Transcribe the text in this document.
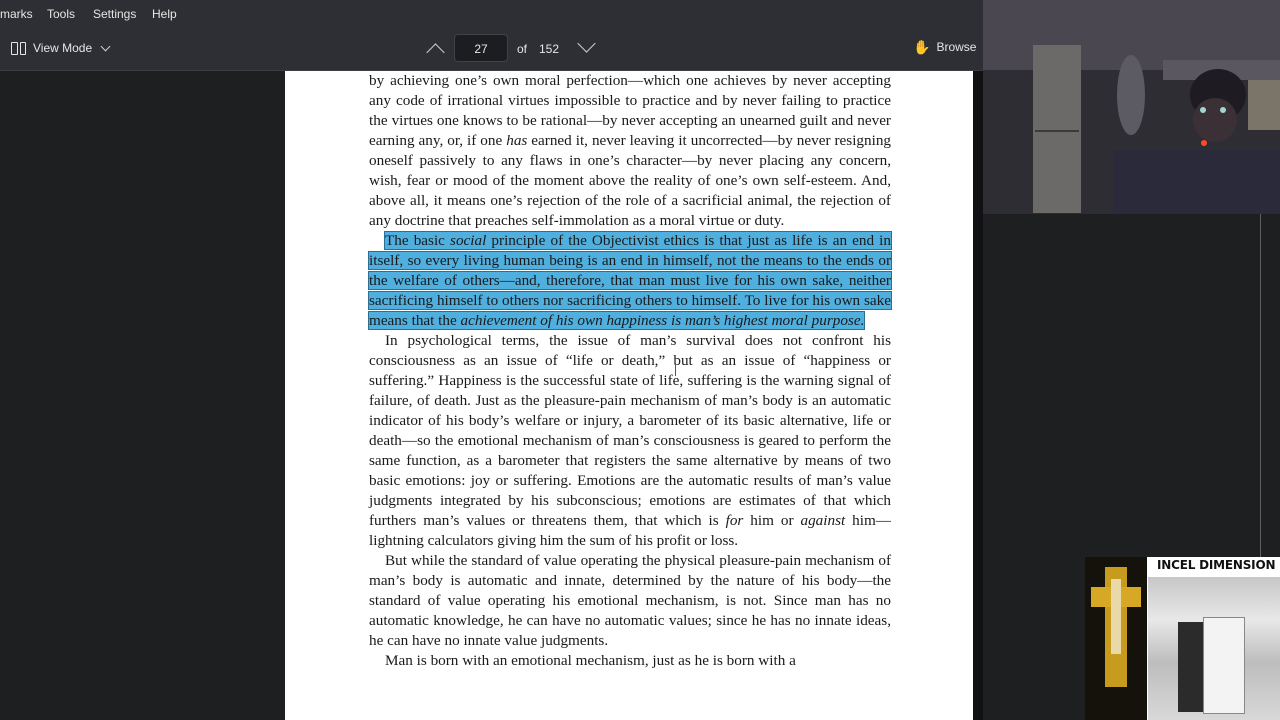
marks Tools Settings Help
View Mode	27	of 152	✋ Browse

by achieving one’s own moral perfection—which one achieves by never accepting any code of irrational virtues impossible to practice and by never failing to practice the virtues one knows to be rational—by never accepting an unearned guilt and never earning any, or, if one has earned it, never leaving it uncorrected—by never resigning oneself passively to any flaws in one’s character—by never placing any concern, wish, fear or mood of the moment above the reality of one’s own self-esteem. And, above all, it means one’s rejection of the role of a sacrificial animal, the rejection of any doctrine that preaches self-immolation as a moral virtue or duty.

The basic social principle of the Objectivist ethics is that just as life is an end in itself, so every living human being is an end in himself, not the means to the ends or the welfare of others—and, therefore, that man must live for his own sake, neither sacrificing himself to others nor sacrificing others to himself. To live for his own sake means that the achievement of his own happiness is man’s highest moral purpose.

In psychological terms, the issue of man’s survival does not confront his consciousness as an issue of “life or death,” but as an issue of “happiness or suffering.” Happiness is the successful state of life, suffering is the warning signal of failure, of death. Just as the pleasure-pain mechanism of man’s body is an automatic indicator of his body’s welfare or injury, a barometer of its basic alternative, life or death—so the emotional mechanism of man’s consciousness is geared to perform the same function, as a barometer that registers the same alternative by means of two basic emotions: joy or suffering. Emotions are the automatic results of man’s value judgments integrated by his subconscious; emotions are estimates of that which furthers man’s values or threatens them, that which is for him or against him—lightning calculators giving him the sum of his profit or loss.

But while the standard of value operating the physical pleasure-pain mechanism of man’s body is automatic and innate, determined by the nature of his body—the standard of value operating his emotional mechanism, is not. Since man has no automatic knowledge, he can have no automatic values; since he has no innate ideas, he can have no innate value judgments.

Man is born with an emotional mechanism, just as he is born with a

INCEL DIMENSION
